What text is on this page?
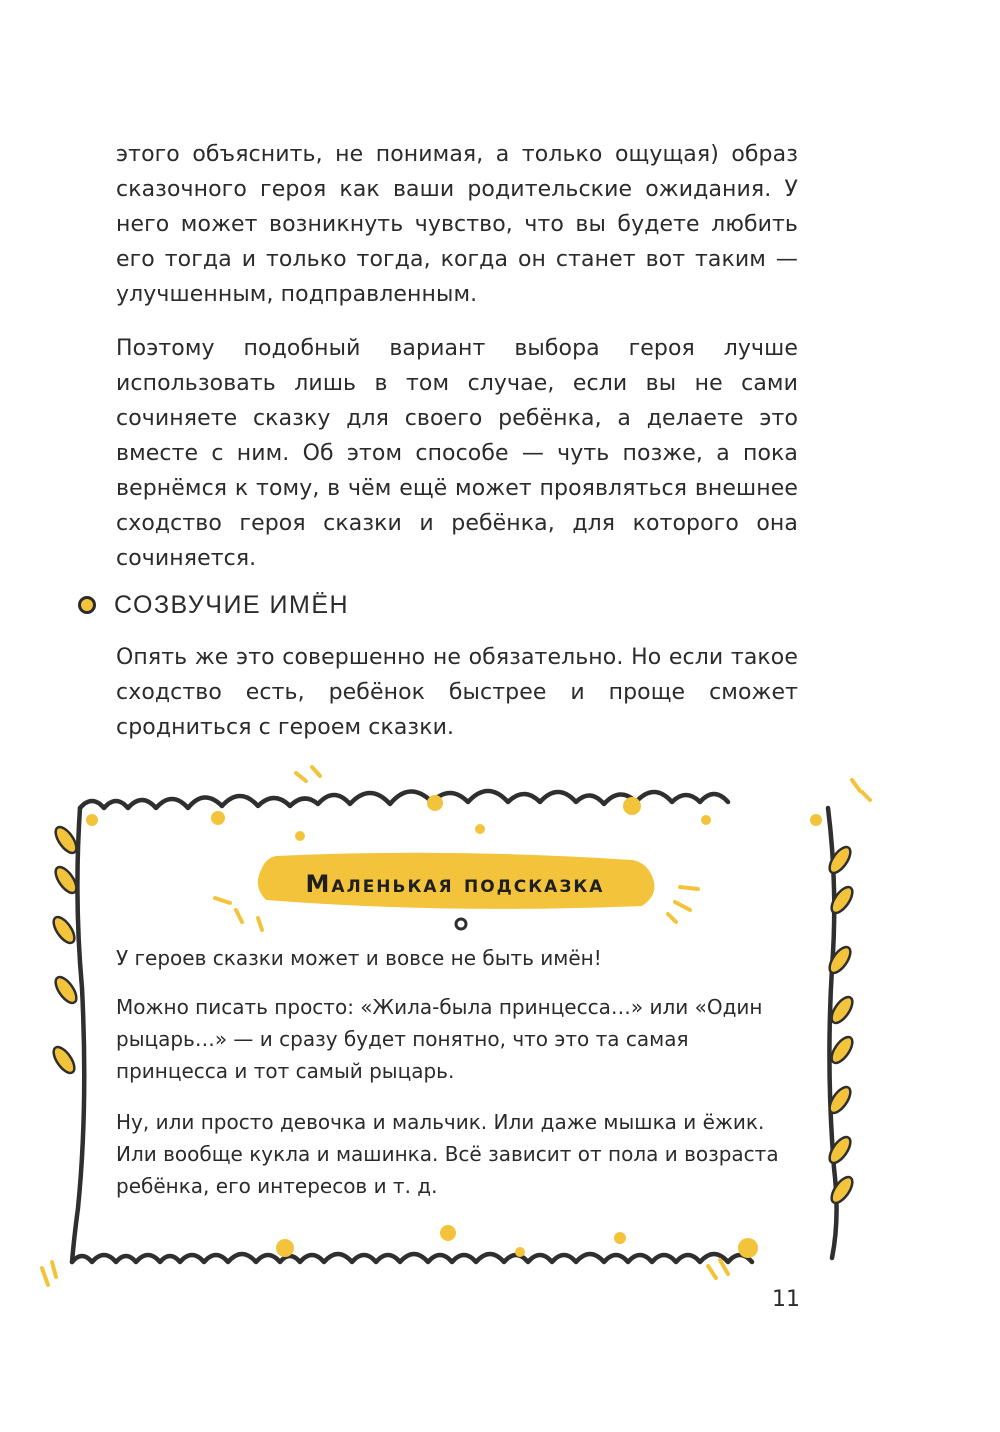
этого объяснить, не понимая, а только ощущая) образ сказочного героя как ваши родительские ожидания. У него может возникнуть чувство, что вы будете любить его тогда и только тогда, когда он станет вот таким — улучшенным, подправленным.

Поэтому подобный вариант выбора героя лучше использовать лишь в том случае, если вы не сами сочиняете сказку для своего ребёнка, а делаете это вместе с ним. Об этом способе — чуть позже, а пока вернёмся к тому, в чём ещё может проявляться внешнее сходство героя сказки и ребёнка, для которого она сочиняется.

СОЗВУЧИЕ ИМЁН

Опять же это совершенно не обязательно. Но если такое сходство есть, ребёнок быстрее и проще сможет сродниться с героем сказки.

Маленькая подсказка

У героев сказки может и вовсе не быть имён!

Можно писать просто: «Жила-была принцесса…» или «Один рыцарь…» — и сразу будет понятно, что это та самая принцесса и тот самый рыцарь.

Ну, или просто девочка и мальчик. Или даже мышка и ёжик. Или вообще кукла и машинка. Всё зависит от пола и возраста ребёнка, его интересов и т. д.

11
